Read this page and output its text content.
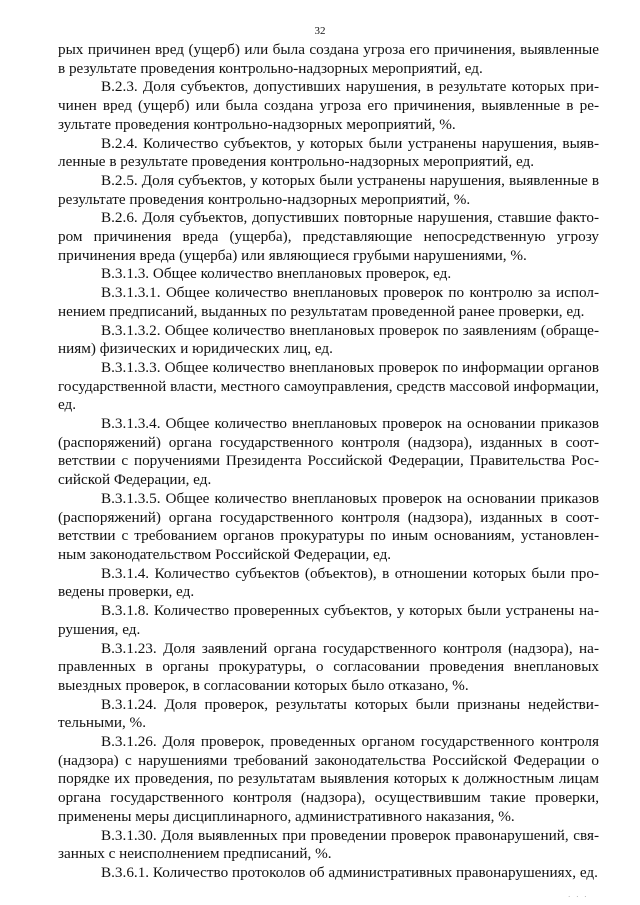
32

рых причинен вред (ущерб) или была создана угроза его причинения, выявленные в результате проведения контрольно-надзорных мероприятий, ед.

В.2.3. Доля субъектов, допустивших нарушения, в результате которых причинен вред (ущерб) или была создана угроза его причинения, выявленные в результате проведения контрольно-надзорных мероприятий, %.

В.2.4. Количество субъектов, у которых были устранены нарушения, выявленные в результате проведения контрольно-надзорных мероприятий, ед.

В.2.5. Доля субъектов, у которых были устранены нарушения, выявленные в результате проведения контрольно-надзорных мероприятий, %.

В.2.6. Доля субъектов, допустивших повторные нарушения, ставшие фактором причинения вреда (ущерба), представляющие непосредственную угрозу причинения вреда (ущерба) или являющиеся грубыми нарушениями, %.

В.3.1.3. Общее количество внеплановых проверок, ед.

В.3.1.3.1. Общее количество внеплановых проверок по контролю за исполнением предписаний, выданных по результатам проведенной ранее проверки, ед.

В.3.1.3.2. Общее количество внеплановых проверок по заявлениям (обращениям) физических и юридических лиц, ед.

В.3.1.3.3. Общее количество внеплановых проверок по информации органов государственной власти, местного самоуправления, средств массовой информации, ед.

В.3.1.3.4. Общее количество внеплановых проверок на основании приказов (распоряжений) органа государственного контроля (надзора), изданных в соответствии с поручениями Президента Российской Федерации, Правительства Российской Федерации, ед.

В.3.1.3.5. Общее количество внеплановых проверок на основании приказов (распоряжений) органа государственного контроля (надзора), изданных в соответствии с требованием органов прокуратуры по иным основаниям, установленным законодательством Российской Федерации, ед.

В.3.1.4. Количество субъектов (объектов), в отношении которых были проведены проверки, ед.

В.3.1.8. Количество проверенных субъектов, у которых были устранены нарушения, ед.

В.3.1.23. Доля заявлений органа государственного контроля (надзора), направленных в органы прокуратуры, о согласовании проведения внеплановых выездных проверок, в согласовании которых было отказано, %.

В.3.1.24. Доля проверок, результаты которых были признаны недействительными, %.

В.3.1.26. Доля проверок, проведенных органом государственного контроля (надзора) с нарушениями требований законодательства Российской Федерации о порядке их проведения, по результатам выявления которых к должностным лицам органа государственного контроля (надзора), осуществившим такие проверки, применены меры дисциплинарного, административного наказания, %.

В.3.1.30. Доля выявленных при проведении проверок правонарушений, связанных с неисполнением предписаний, %.

В.3.6.1. Количество протоколов об административных правонарушениях, ед.

· · ·
